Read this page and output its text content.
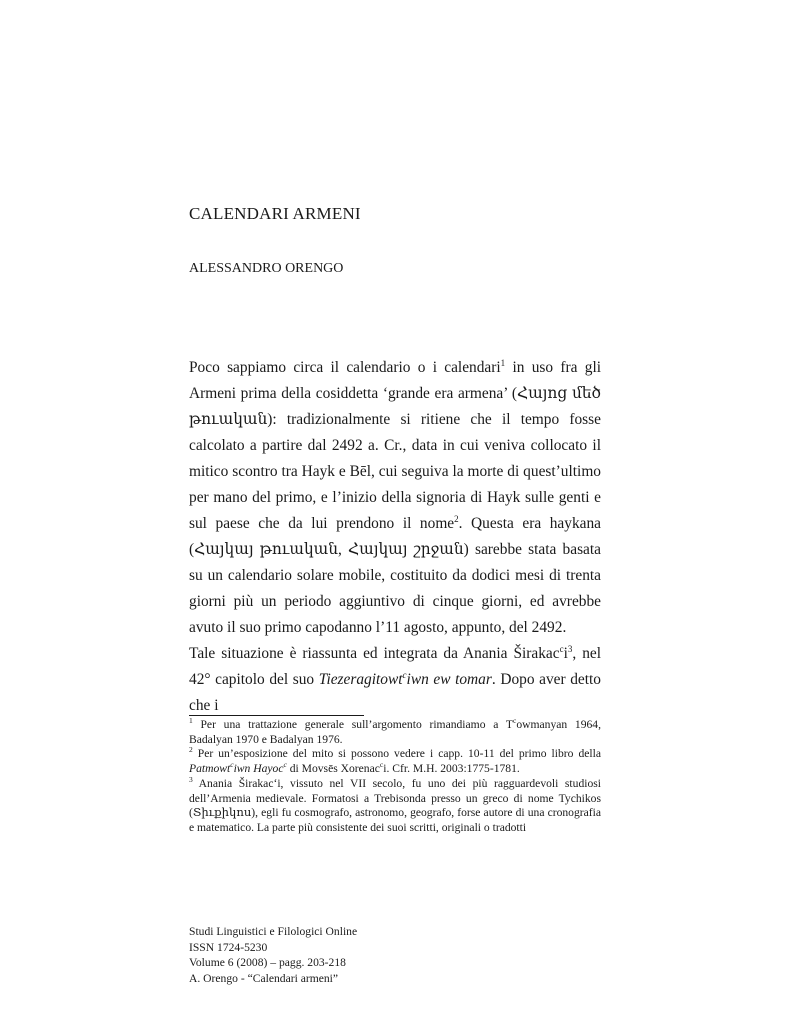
CALENDARI ARMENI
ALESSANDRO ORENGO

Poco sappiamo circa il calendario o i calendari$^1$ in uso fra gli Armeni prima della cosiddetta ‘grande era armena’ (Հայոց մեծ թուական): tradizionalmente si ritiene che il tempo fosse calcolato a partire dal 2492 a. Cr., data in cui veniva collocato il mitico scontro tra Hayk e Bēl, cui seguiva la morte di quest’ultimo per mano del primo, e l’inizio della signoria di Hayk sulle genti e sul paese che da lui prendono il nome$^2$. Questa era haykana (Հայկայ թուական, Հայկայ շրջան) sarebbe stata basata su un calendario solare mobile, costituito da dodici mesi di trenta giorni più un periodo aggiuntivo di cinque giorni, ed avrebbe avuto il suo primo capodanno l’11 agosto, appunto, del 2492.

Tale situazione è riassunta ed integrata da Anania $Širakac^ci^3$, nel 42° capitolo del suo Tiezeragitowt$^c$iwn ew tomar. Dopo aver detto che i

$^1$ Per una trattazione generale sull’argomento rimandiamo a $T^cowmanyan$ 1964, Badalyan 1970 e Badalyan 1976.

$^2$ Per un’esposizione del mito si possono vedere i capp. 10-11 del primo libro della Patmowt$^c$iwn Hayoc$^c$ di Movsēs Xorenac$^c$i. Cfr. M.H. 2003:1775-1781.

$^3$ Anania Širakac‘i, vissuto nel VII secolo, fu uno dei più ragguardevoli studiosi dell’Armenia medievale. Formatosi a Trebisonda presso un greco di nome Tychikos (Տիւքիկոս), egli fu cosmografo, astronomo, geografo, forse autore di una cronografia e matematico. La parte più consistente dei suoi scritti, originali o tradotti

Studi Linguistici e Filologici Online
ISSN 1724-5230
Volume 6 (2008) – pagg. 203-218
A. Orengo - “Calendari armeni”
